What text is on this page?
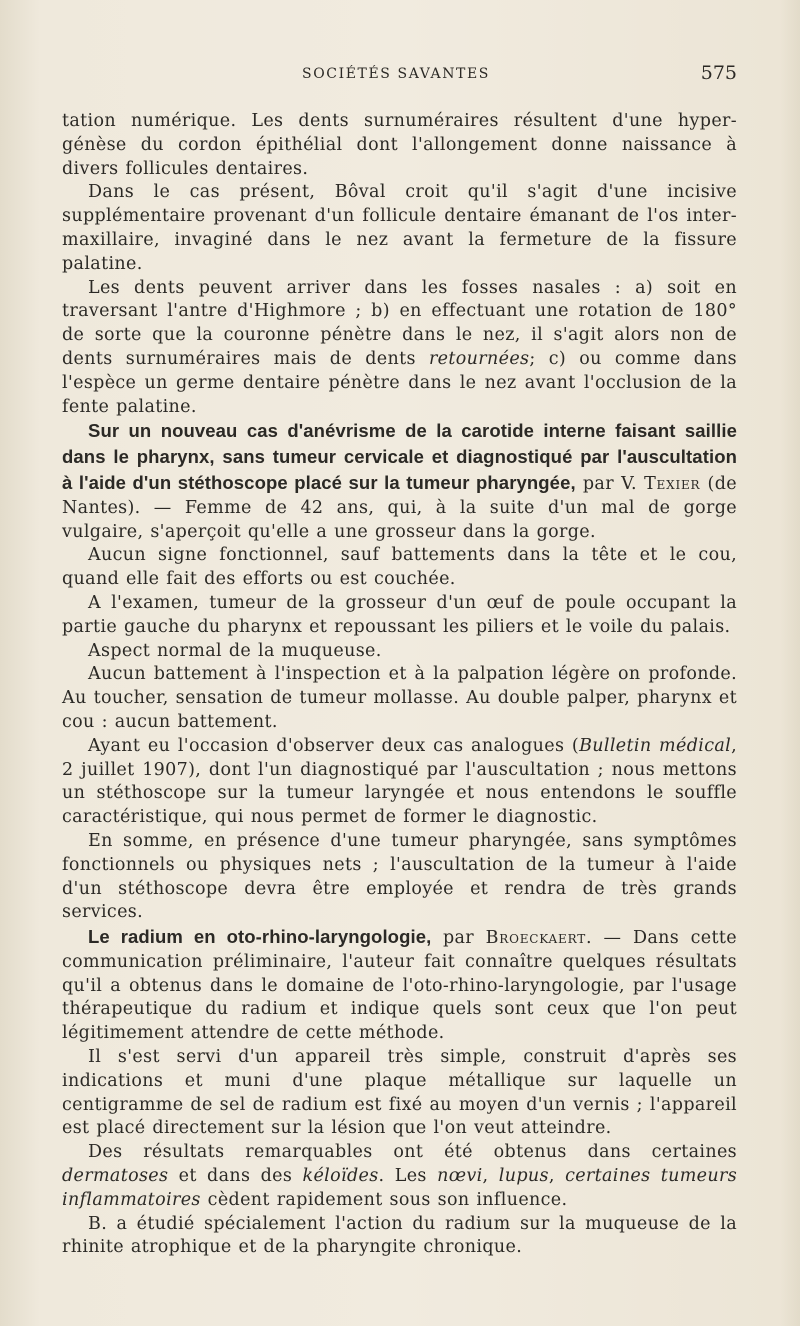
SOCIÉTÉS SAVANTES	575

tation numérique. Les dents surnuméraires résultent d'une hyper-génèse du cordon épithélial dont l'allongement donne naissance à divers follicules dentaires.

Dans le cas présent, Bôval croit qu'il s'agit d'une incisive supplémentaire provenant d'un follicule dentaire émanant de l'os inter-maxillaire, invaginé dans le nez avant la fermeture de la fissure palatine.

Les dents peuvent arriver dans les fosses nasales : a) soit en traversant l'antre d'Highmore ; b) en effectuant une rotation de 180° de sorte que la couronne pénètre dans le nez, il s'agit alors non de dents surnuméraires mais de dents retournées; c) ou comme dans l'espèce un germe dentaire pénètre dans le nez avant l'occlusion de la fente palatine.

Sur un nouveau cas d'anévrisme de la carotide interne faisant saillie dans le pharynx, sans tumeur cervicale et diagnostiqué par l'auscultation à l'aide d'un stéthoscope placé sur la tumeur pharyngée, par V. Texier (de Nantes). — Femme de 42 ans, qui, à la suite d'un mal de gorge vulgaire, s'aperçoit qu'elle a une grosseur dans la gorge.

Aucun signe fonctionnel, sauf battements dans la tête et le cou, quand elle fait des efforts ou est couchée.

A l'examen, tumeur de la grosseur d'un œuf de poule occupant la partie gauche du pharynx et repoussant les piliers et le voile du palais.

Aspect normal de la muqueuse.

Aucun battement à l'inspection et à la palpation légère on profonde. Au toucher, sensation de tumeur mollasse. Au double palper, pharynx et cou : aucun battement.

Ayant eu l'occasion d'observer deux cas analogues (Bulletin médical, 2 juillet 1907), dont l'un diagnostiqué par l'auscultation ; nous mettons un stéthoscope sur la tumeur laryngée et nous entendons le souffle caractéristique, qui nous permet de former le diagnostic.

En somme, en présence d'une tumeur pharyngée, sans symptômes fonctionnels ou physiques nets ; l'auscultation de la tumeur à l'aide d'un stéthoscope devra être employée et rendra de très grands services.

Le radium en oto-rhino-laryngologie, par Broeckaert. — Dans cette communication préliminaire, l'auteur fait connaître quelques résultats qu'il a obtenus dans le domaine de l'oto-rhino-laryngologie, par l'usage thérapeutique du radium et indique quels sont ceux que l'on peut légitimement attendre de cette méthode.

Il s'est servi d'un appareil très simple, construit d'après ses indications et muni d'une plaque métallique sur laquelle un centigramme de sel de radium est fixé au moyen d'un vernis ; l'appareil est placé directement sur la lésion que l'on veut atteindre.

Des résultats remarquables ont été obtenus dans certaines dermatoses et dans des kéloïdes. Les nœvi, lupus, certaines tumeurs inflammatoires cèdent rapidement sous son influence.

B. a étudié spécialement l'action du radium sur la muqueuse de la rhinite atrophique et de la pharyngite chronique.
